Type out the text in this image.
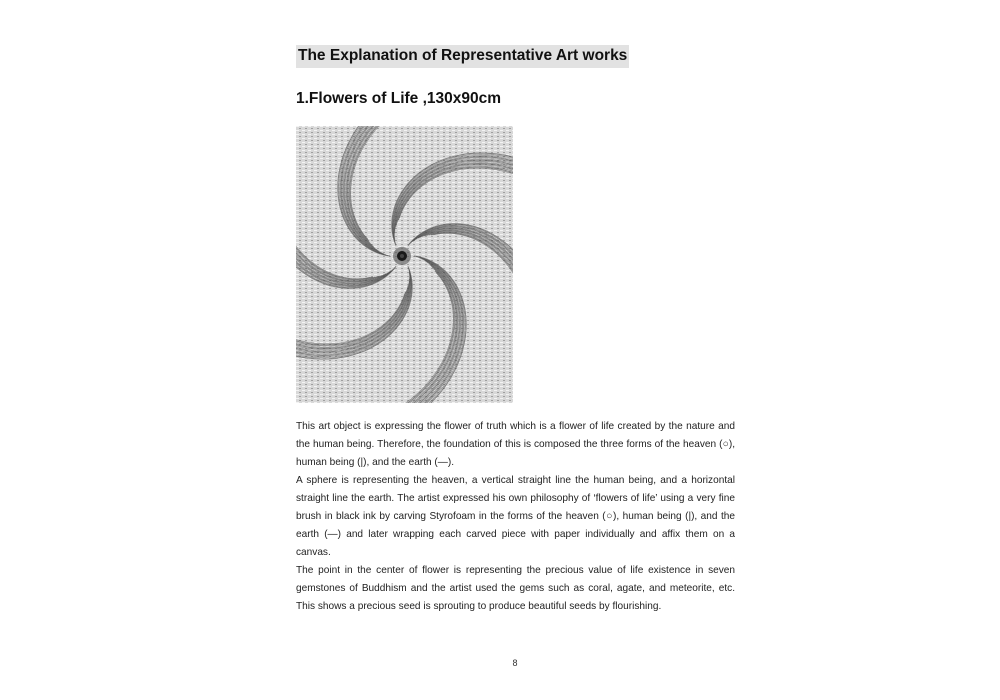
The Explanation of Representative Art works
1.Flowers of Life ,130x90cm

This art object is expressing the flower of truth which is a flower of life created by the nature and the human being. Therefore, the foundation of this is composed the three forms of the heaven (○), human being (|), and the earth (—).

A sphere is representing the heaven, a vertical straight line the human being, and a horizontal straight line the earth. The artist expressed his own philosophy of ‘flowers of life’ using a very fine brush in black ink by carving Styrofoam in the forms of the heaven (○), human being (|), and the earth (—) and later wrapping each carved piece with paper individually and affix them on a canvas.

The point in the center of flower is representing the precious value of life existence in seven gemstones of Buddhism and the artist used the gems such as coral, agate, and meteorite, etc. This shows a precious seed is sprouting to produce beautiful seeds by flourishing.

8
